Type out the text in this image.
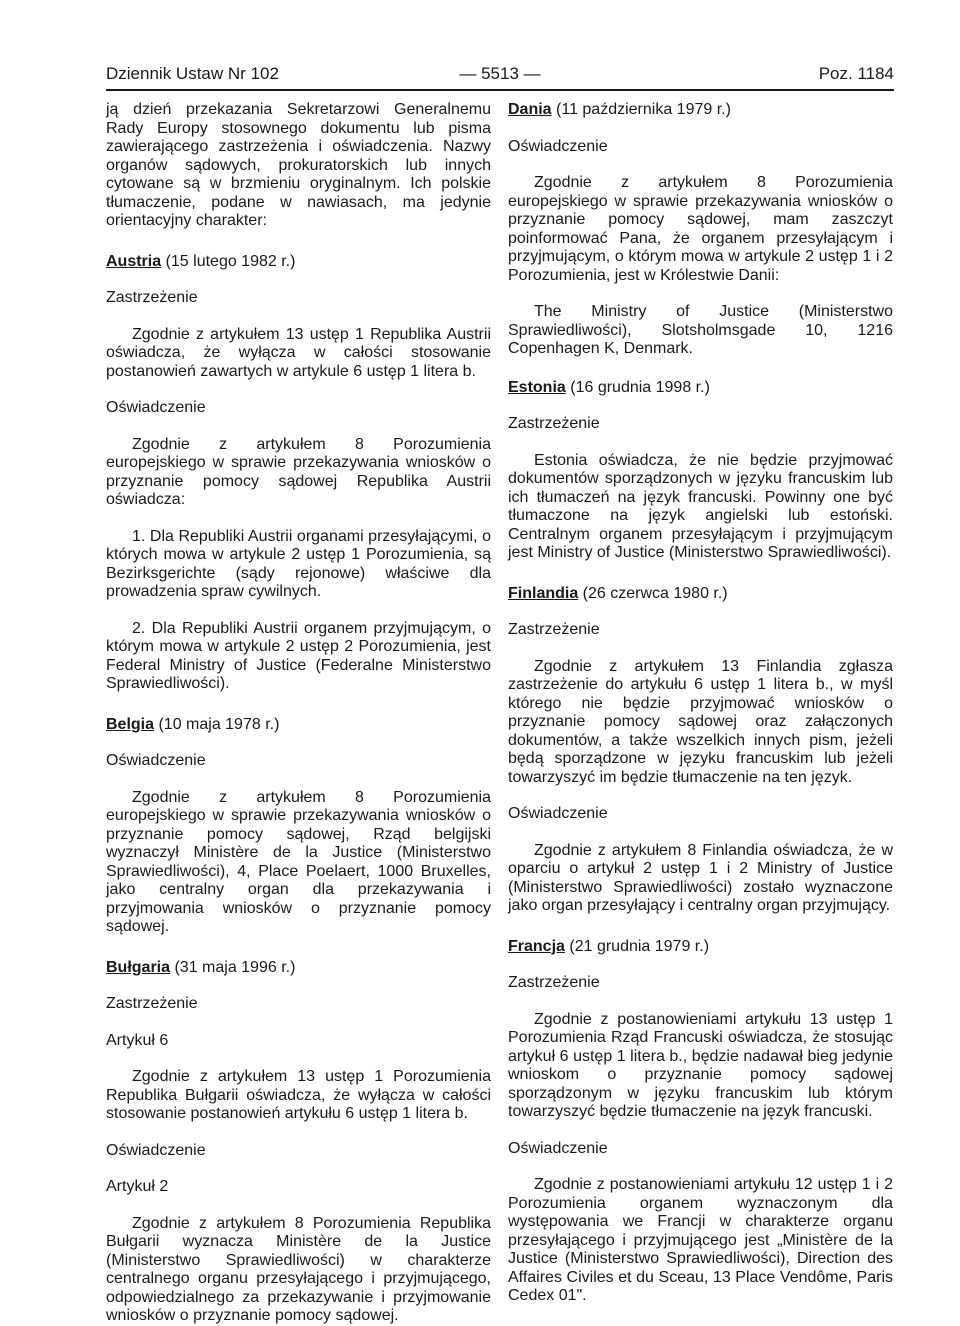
Dziennik Ustaw Nr 102	— 5513 —	Poz. 1184

ją dzień przekazania Sekretarzowi Generalnemu Rady Europy stosownego dokumentu lub pisma zawierającego zastrzeżenia i oświadczenia. Nazwy organów sądowych, prokuratorskich lub innych cytowane są w brzmieniu oryginalnym. Ich polskie tłumaczenie, podane w nawiasach, ma jedynie orientacyjny charakter:

Austria (15 lutego 1982 r.)

Zastrzeżenie

Zgodnie z artykułem 13 ustęp 1 Republika Austrii oświadcza, że wyłącza w całości stosowanie postanowień zawartych w artykule 6 ustęp 1 litera b.

Oświadczenie

Zgodnie z artykułem 8 Porozumienia europejskiego w sprawie przekazywania wniosków o przyznanie pomocy sądowej Republika Austrii oświadcza:

1. Dla Republiki Austrii organami przesyłającymi, o których mowa w artykule 2 ustęp 1 Porozumienia, są Bezirksgerichte (sądy rejonowe) właściwe dla prowadzenia spraw cywilnych.

2. Dla Republiki Austrii organem przyjmującym, o którym mowa w artykule 2 ustęp 2 Porozumienia, jest Federal Ministry of Justice (Federalne Ministerstwo Sprawiedliwości).

Belgia (10 maja 1978 r.)

Oświadczenie

Zgodnie z artykułem 8 Porozumienia europejskiego w sprawie przekazywania wniosków o przyznanie pomocy sądowej, Rząd belgijski wyznaczył Ministère de la Justice (Ministerstwo Sprawiedliwości), 4, Place Poelaert, 1000 Bruxelles, jako centralny organ dla przekazywania i przyjmowania wniosków o przyznanie pomocy sądowej.

Bułgaria (31 maja 1996 r.)

Zastrzeżenie

Artykuł 6

Zgodnie z artykułem 13 ustęp 1 Porozumienia Republika Bułgarii oświadcza, że wyłącza w całości stosowanie postanowień artykułu 6 ustęp 1 litera b.

Oświadczenie

Artykuł 2

Zgodnie z artykułem 8 Porozumienia Republika Bułgarii wyznacza Ministère de la Justice (Ministerstwo Sprawiedliwości) w charakterze centralnego organu przesyłającego i przyjmującego, odpowiedzialnego za przekazywanie i przyjmowanie wniosków o przyznanie pomocy sądowej.

Dania (11 października 1979 r.)

Oświadczenie

Zgodnie z artykułem 8 Porozumienia europejskiego w sprawie przekazywania wniosków o przyznanie pomocy sądowej, mam zaszczyt poinformować Pana, że organem przesyłającym i przyjmującym, o którym mowa w artykule 2 ustęp 1 i 2 Porozumienia, jest w Królestwie Danii:

The Ministry of Justice (Ministerstwo Sprawiedliwości), Slotsholmsgade 10, 1216 Copenhagen K, Denmark.

Estonia (16 grudnia 1998 r.)

Zastrzeżenie

Estonia oświadcza, że nie będzie przyjmować dokumentów sporządzonych w języku francuskim lub ich tłumaczeń na język francuski. Powinny one być tłumaczone na język angielski lub estoński. Centralnym organem przesyłającym i przyjmującym jest Ministry of Justice (Ministerstwo Sprawiedliwości).

Finlandia (26 czerwca 1980 r.)

Zastrzeżenie

Zgodnie z artykułem 13 Finlandia zgłasza zastrzeżenie do artykułu 6 ustęp 1 litera b., w myśl którego nie będzie przyjmować wniosków o przyznanie pomocy sądowej oraz załączonych dokumentów, a także wszelkich innych pism, jeżeli będą sporządzone w języku francuskim lub jeżeli towarzyszyć im będzie tłumaczenie na ten język.

Oświadczenie

Zgodnie z artykułem 8 Finlandia oświadcza, że w oparciu o artykuł 2 ustęp 1 i 2 Ministry of Justice (Ministerstwo Sprawiedliwości) zostało wyznaczone jako organ przesyłający i centralny organ przyjmujący.

Francja (21 grudnia 1979 r.)

Zastrzeżenie

Zgodnie z postanowieniami artykułu 13 ustęp 1 Porozumienia Rząd Francuski oświadcza, że stosując artykuł 6 ustęp 1 litera b., będzie nadawał bieg jedynie wnioskom o przyznanie pomocy sądowej sporządzonym w języku francuskim lub którym towarzyszyć będzie tłumaczenie na język francuski.

Oświadczenie

Zgodnie z postanowieniami artykułu 12 ustęp 1 i 2 Porozumienia organem wyznaczonym dla występowania we Francji w charakterze organu przesyłającego i przyjmującego jest „Ministère de la Justice (Ministerstwo Sprawiedliwości), Direction des Affaires Civiles et du Sceau, 13 Place Vendôme, Paris Cedex 01".
